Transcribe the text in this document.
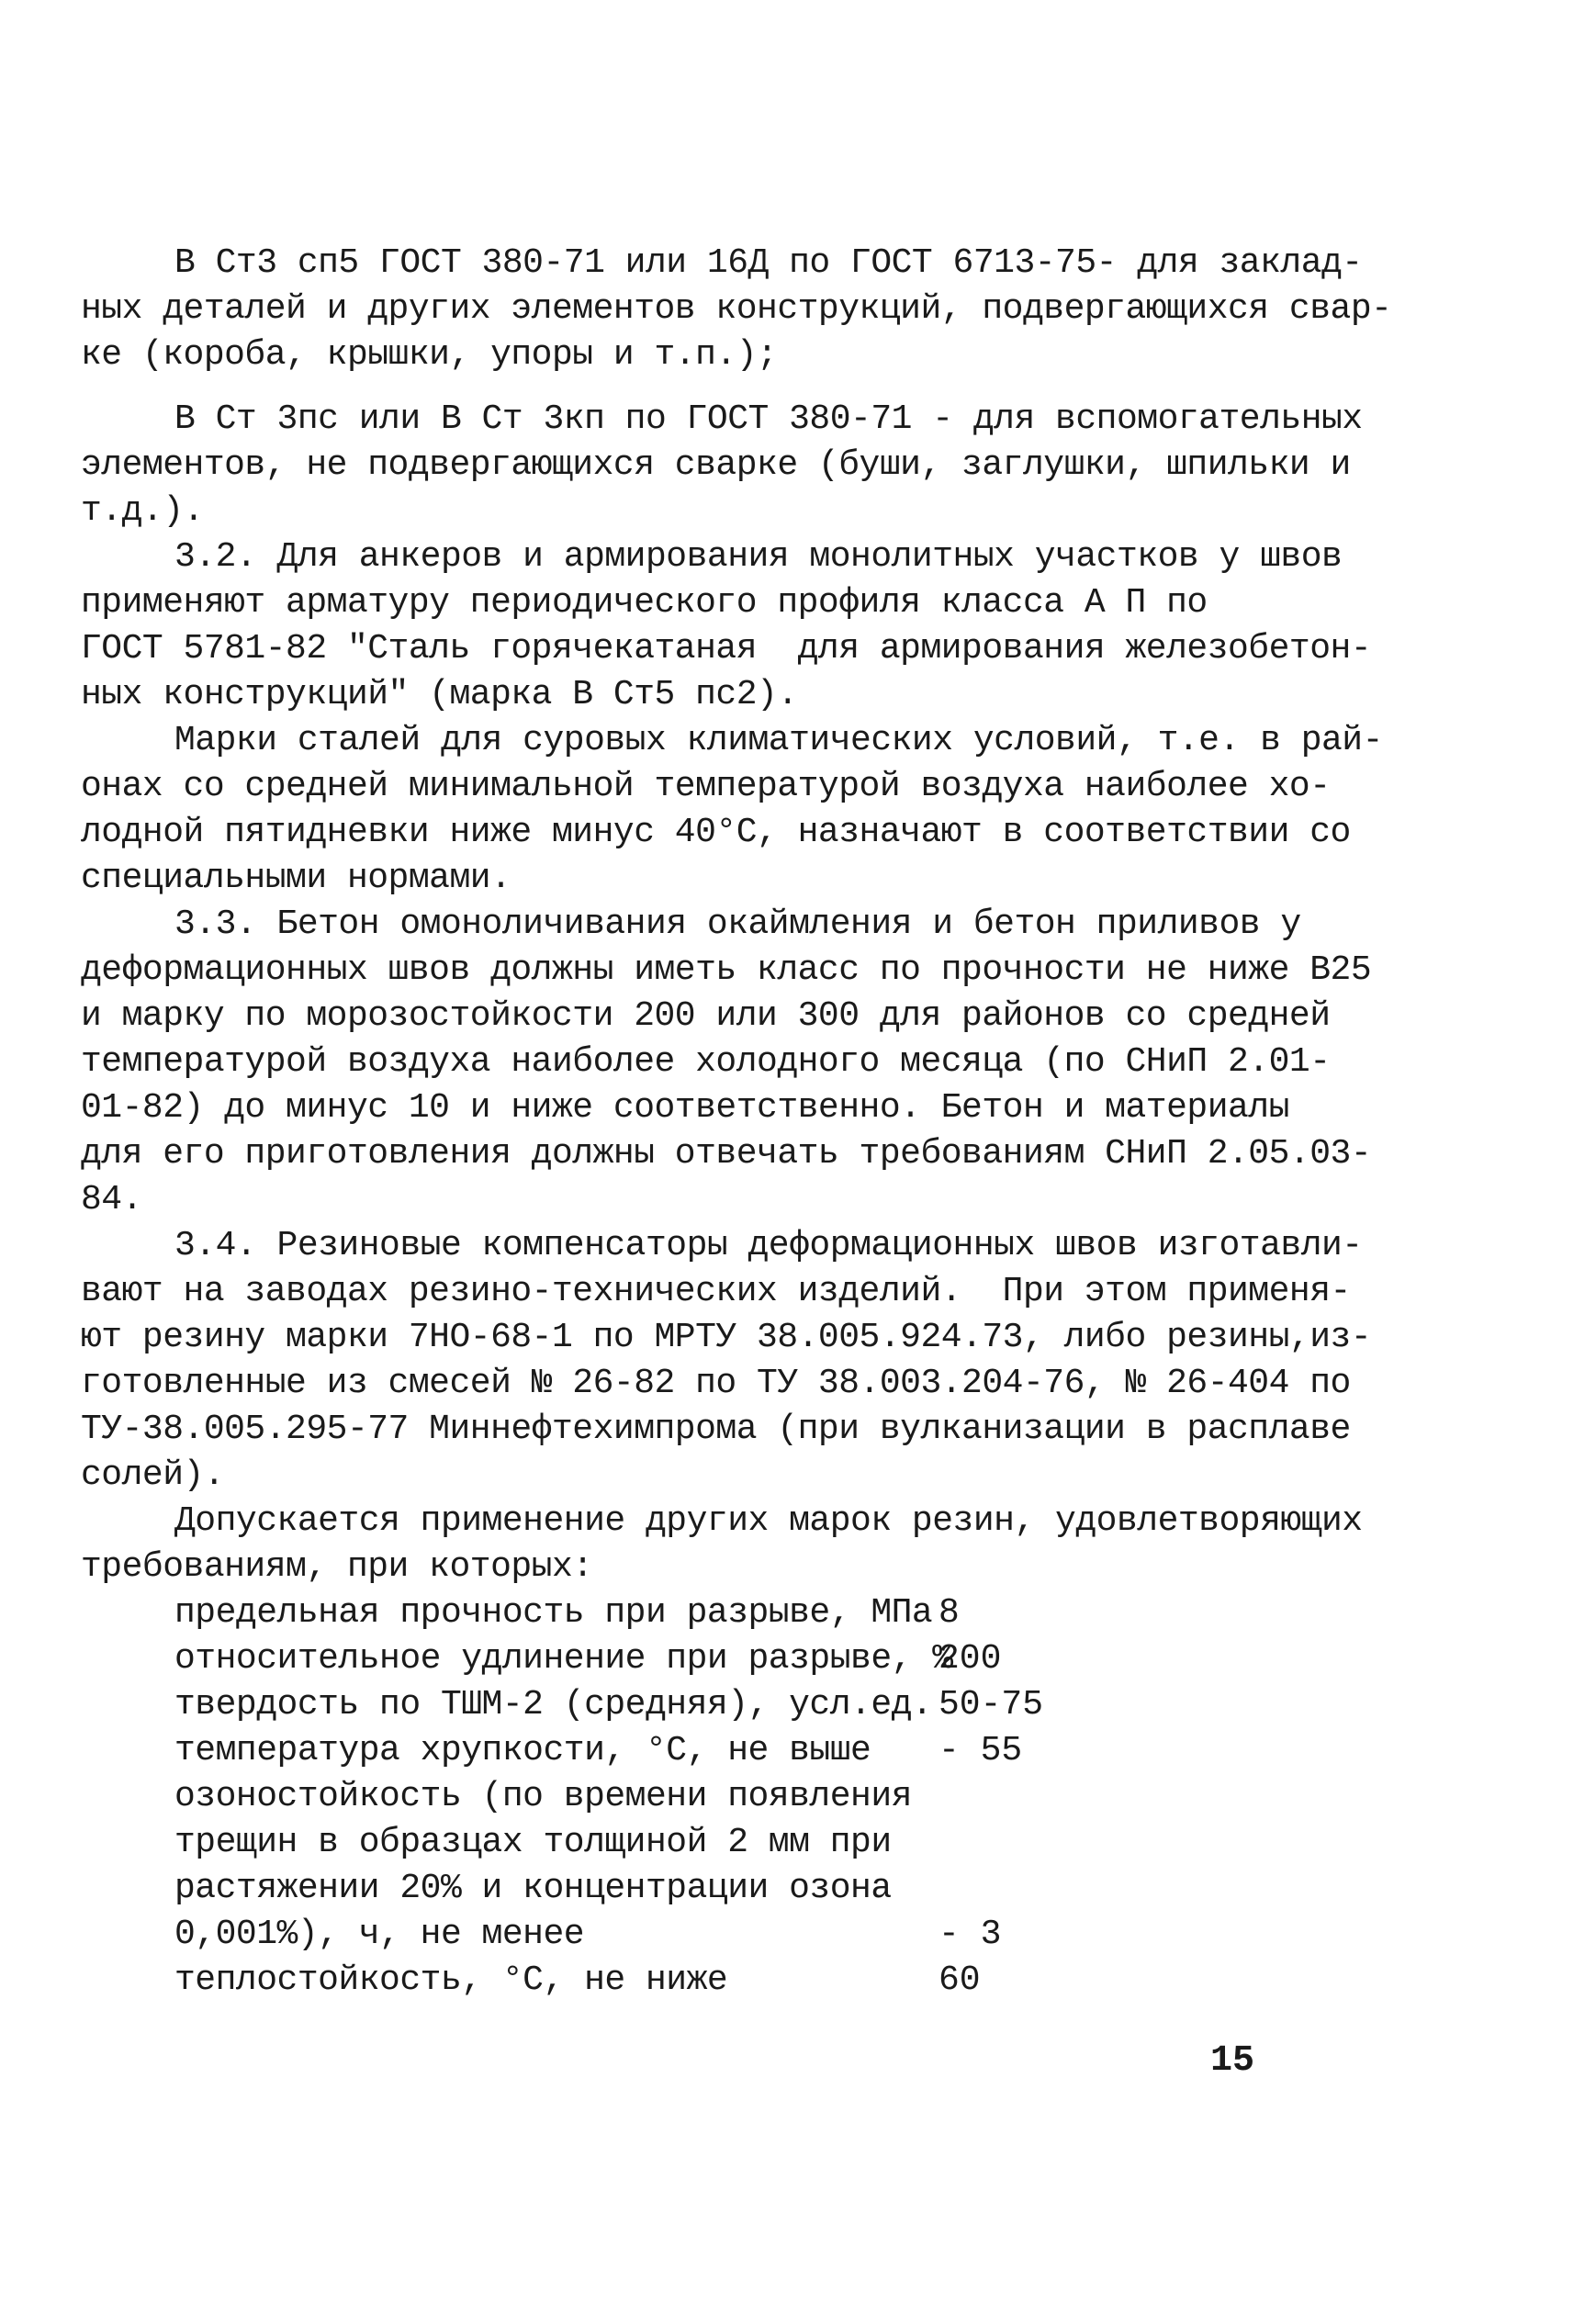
В Ст3 сп5 ГОСТ 380-71 или 16Д по ГОСТ 6713-75- для заклад-
ных деталей и других элементов конструкций, подвергающихся свар-
ке (короба, крышки, упоры и т.п.);
В Ст 3пс или В Ст 3кп по ГОСТ 380-71 - для вспомогательных
элементов, не подвергающихся сварке (буши, заглушки, шпильки и
т.д.).
3.2. Для анкеров и армирования монолитных участков у швов
применяют арматуру периодического профиля класса А П по
ГОСТ 5781-82 "Сталь горячекатаная  для армирования железобетон-
ных конструкций" (марка В Ст5 пс2).
Марки сталей для суровых климатических условий, т.е. в рай-
онах со средней минимальной температурой воздуха наиболее хо-
лодной пятидневки ниже минус 40°С, назначают в соответствии со
специальными нормами.
3.3. Бетон омоноличивания окаймления и бетон приливов у
деформационных швов должны иметь класс по прочности не ниже В25
и марку по морозостойкости 200 или 300 для районов со средней
температурой воздуха наиболее холодного месяца (по СНиП 2.01-
01-82) до минус 10 и ниже соответственно. Бетон и материалы
для его приготовления должны отвечать требованиям СНиП 2.05.03-
84.
3.4. Резиновые компенсаторы деформационных швов изготавли-
вают на заводах резино-технических изделий.  При этом применя-
ют резину марки 7НО-68-1 по МРТУ 38.005.924.73, либо резины,из-
готовленные из смесей № 26-82 по ТУ 38.003.204-76, № 26-404 по
ТУ-38.005.295-77 Миннефтехимпрома (при вулканизации в расплаве
солей).
Допускается применение других марок резин, удовлетворяющих
требованиям, при которых:
предельная прочность при разрыве, МПа 8
относительное удлинение при разрыве, %
200
твердость по ТШМ-2 (средняя), усл.ед. 50-75
температура хрупкости, °С, не выше - 55
озоностойкость (по времени появления
трещин в образцах толщиной 2 мм при
растяжении 20% и концентрации озона
0,001%), ч, не менее	- 3
теплостойкость, °С, не ниже	60
15
